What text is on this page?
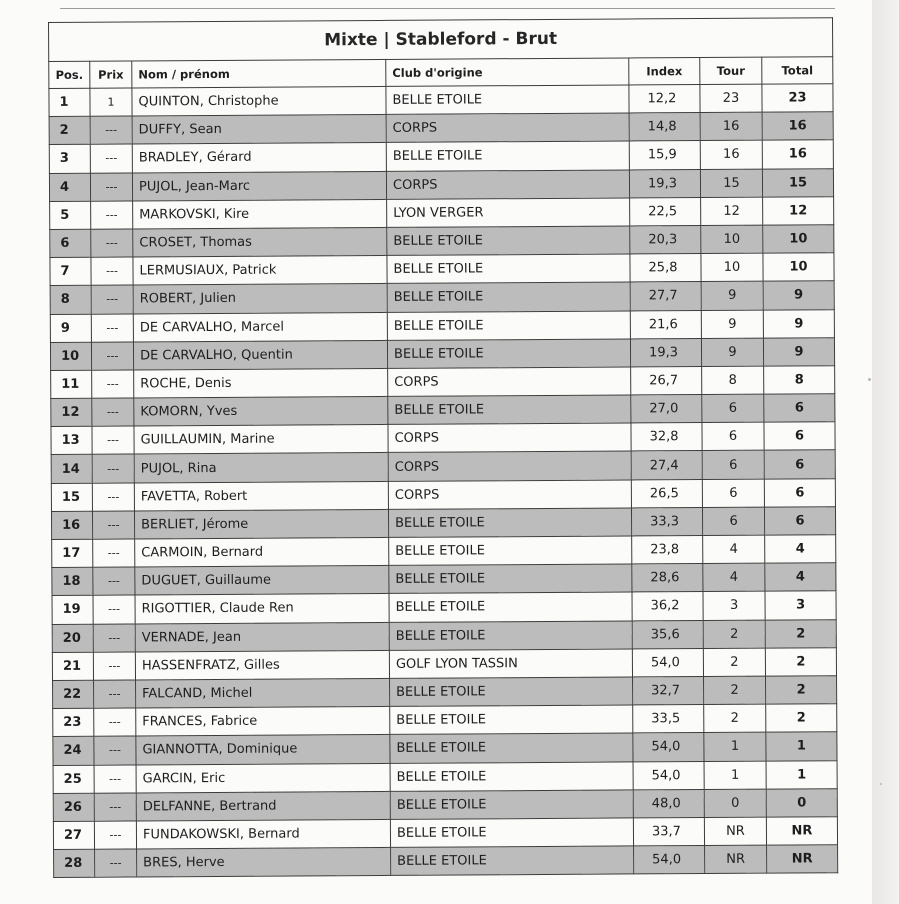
Mixte | Stableford - Brut						
Pos.	Prix	Nom / prénom	Club d'origine	Index	Tour	Total
1	1	QUINTON, Christophe	BELLE ETOILE	12,2	23	23
2	---	DUFFY, Sean	CORPS	14,8	16	16
3	---	BRADLEY, Gérard	BELLE ETOILE	15,9	16	16
4	---	PUJOL, Jean-Marc	CORPS	19,3	15	15
5	---	MARKOVSKI, Kire	LYON VERGER	22,5	12	12
6	---	CROSET, Thomas	BELLE ETOILE	20,3	10	10
7	---	LERMUSIAUX, Patrick	BELLE ETOILE	25,8	10	10
8	---	ROBERT, Julien	BELLE ETOILE	27,7	9	9
9	---	DE CARVALHO, Marcel	BELLE ETOILE	21,6	9	9
10	---	DE CARVALHO, Quentin	BELLE ETOILE	19,3	9	9
11	---	ROCHE, Denis	CORPS	26,7	8	8
12	---	KOMORN, Yves	BELLE ETOILE	27,0	6	6
13	---	GUILLAUMIN, Marine	CORPS	32,8	6	6
14	---	PUJOL, Rina	CORPS	27,4	6	6
15	---	FAVETTA, Robert	CORPS	26,5	6	6
16	---	BERLIET, Jérome	BELLE ETOILE	33,3	6	6
17	---	CARMOIN, Bernard	BELLE ETOILE	23,8	4	4
18	---	DUGUET, Guillaume	BELLE ETOILE	28,6	4	4
19	---	RIGOTTIER, Claude Ren	BELLE ETOILE	36,2	3	3
20	---	VERNADE, Jean	BELLE ETOILE	35,6	2	2
21	---	HASSENFRATZ, Gilles	GOLF LYON TASSIN	54,0	2	2
22	---	FALCAND, Michel	BELLE ETOILE	32,7	2	2
23	---	FRANCES, Fabrice	BELLE ETOILE	33,5	2	2
24	---	GIANNOTTA, Dominique	BELLE ETOILE	54,0	1	1
25	---	GARCIN, Eric	BELLE ETOILE	54,0	1	1
26	---	DELFANNE, Bertrand	BELLE ETOILE	48,0	0	0
27	---	FUNDAKOWSKI, Bernard	BELLE ETOILE	33,7	NR	NR
28	---	BRES, Herve	BELLE ETOILE	54,0	NR	NR
